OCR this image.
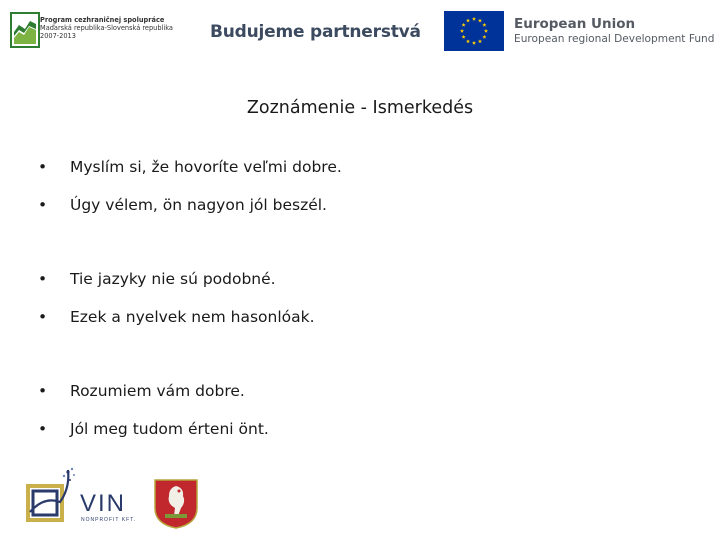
Program cezhraničnej spolupráce
Maďarská republika-Slovenská republika
2007-2013	Budujeme partnerstvá	European Union
European regional Development Fund
Zoznámenie - Ismerkedés
• Myslím si, že hovoríte veľmi dobre.
• Úgy vélem, ön nagyon jól beszél.
• Tie jazyky nie sú podobné.
• Ezek a nyelvek nem hasonlóak.
• Rozumiem vám dobre.
• Jól meg tudom érteni önt.
VIN
NONPROFIT KFT.
